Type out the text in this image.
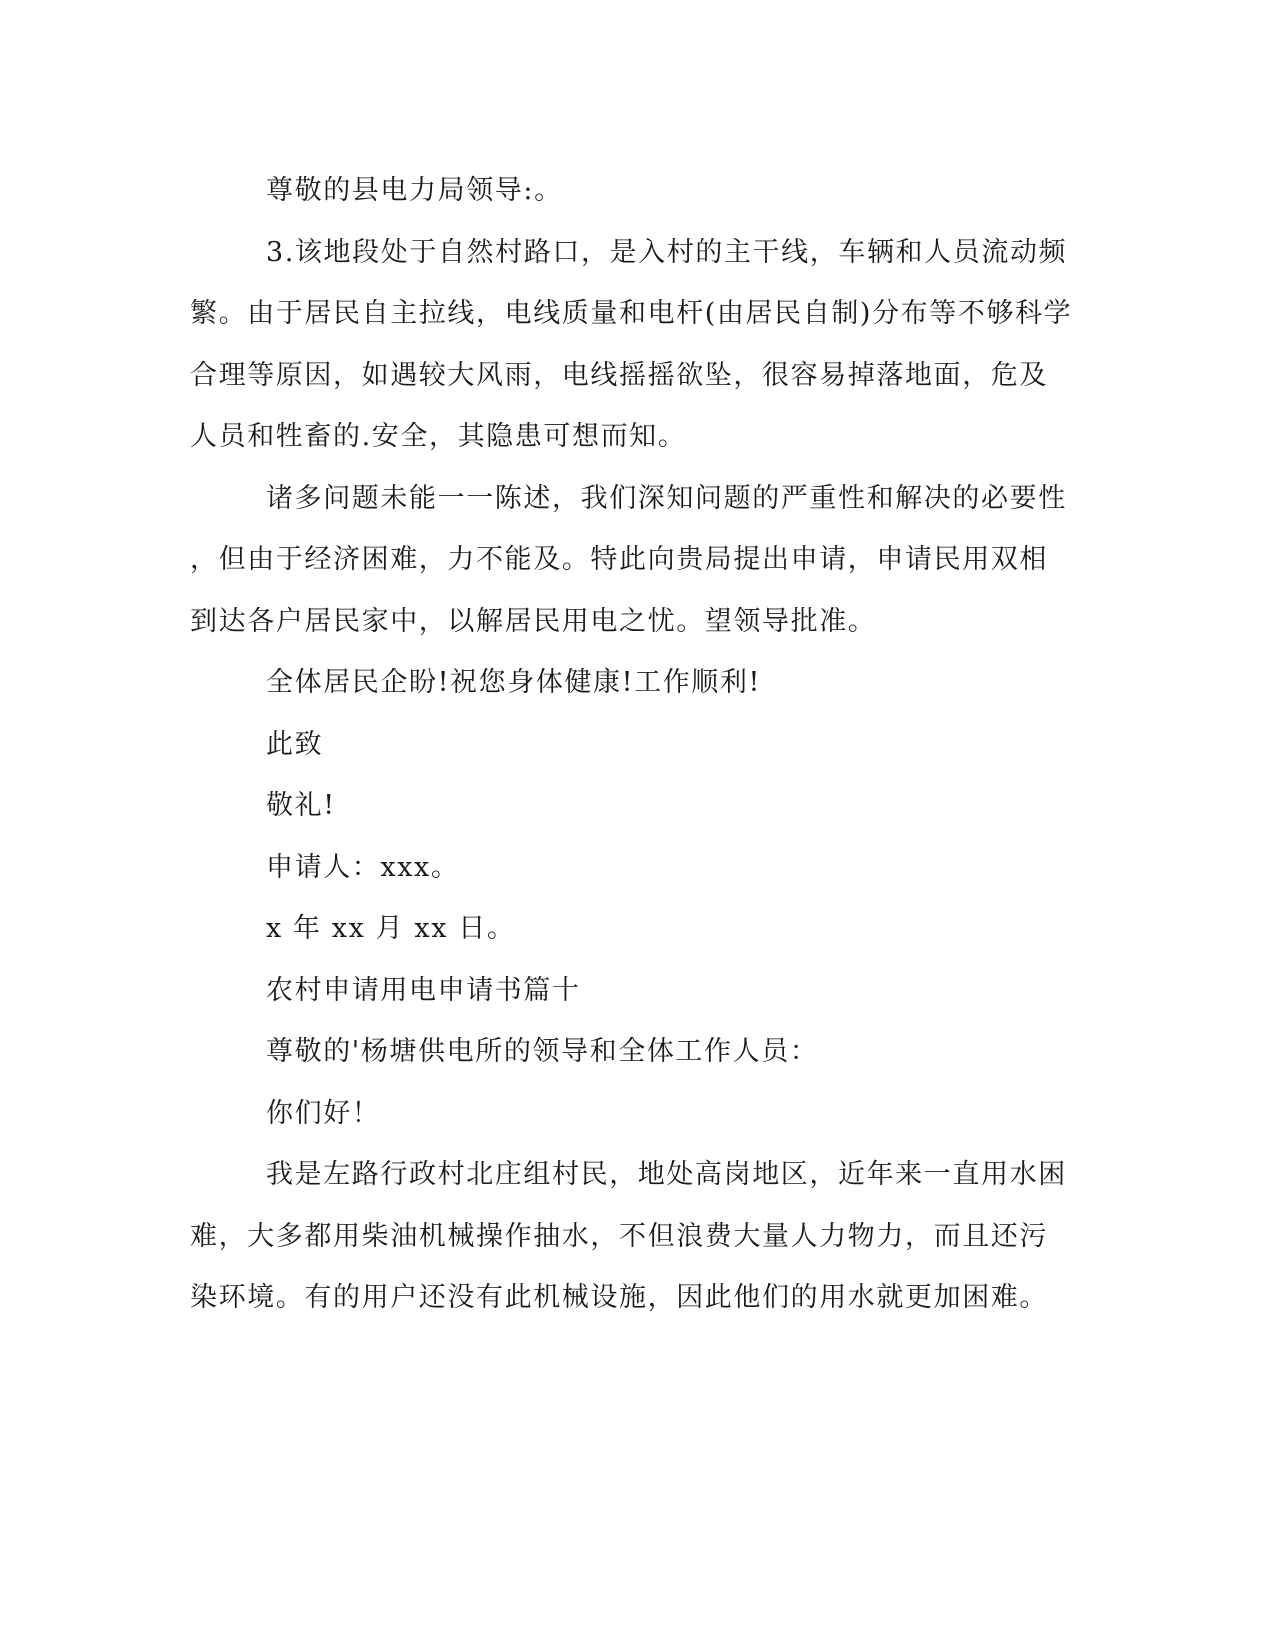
尊敬的县电力局领导:。
3.该地段处于自然村路口，是入村的主干线，车辆和人员流动频
繁。由于居民自主拉线，电线质量和电杆(由居民自制)分布等不够科学
合理等原因，如遇较大风雨，电线摇摇欲坠，很容易掉落地面，危及
人员和牲畜的.安全，其隐患可想而知。
诸多问题未能一一陈述，我们深知问题的严重性和解决的必要性
，但由于经济困难，力不能及。特此向贵局提出申请，申请民用双相
到达各户居民家中，以解居民用电之忧。望领导批准。
全体居民企盼!祝您身体健康!工作顺利!
此致
敬礼!
申请人：xxx。
x 年 xx 月 xx 日。
农村申请用电申请书篇十
尊敬的'杨塘供电所的领导和全体工作人员：
你们好！
我是左路行政村北庄组村民，地处高岗地区，近年来一直用水困
难，大多都用柴油机械操作抽水，不但浪费大量人力物力，而且还污
染环境。有的用户还没有此机械设施，因此他们的用水就更加困难。
